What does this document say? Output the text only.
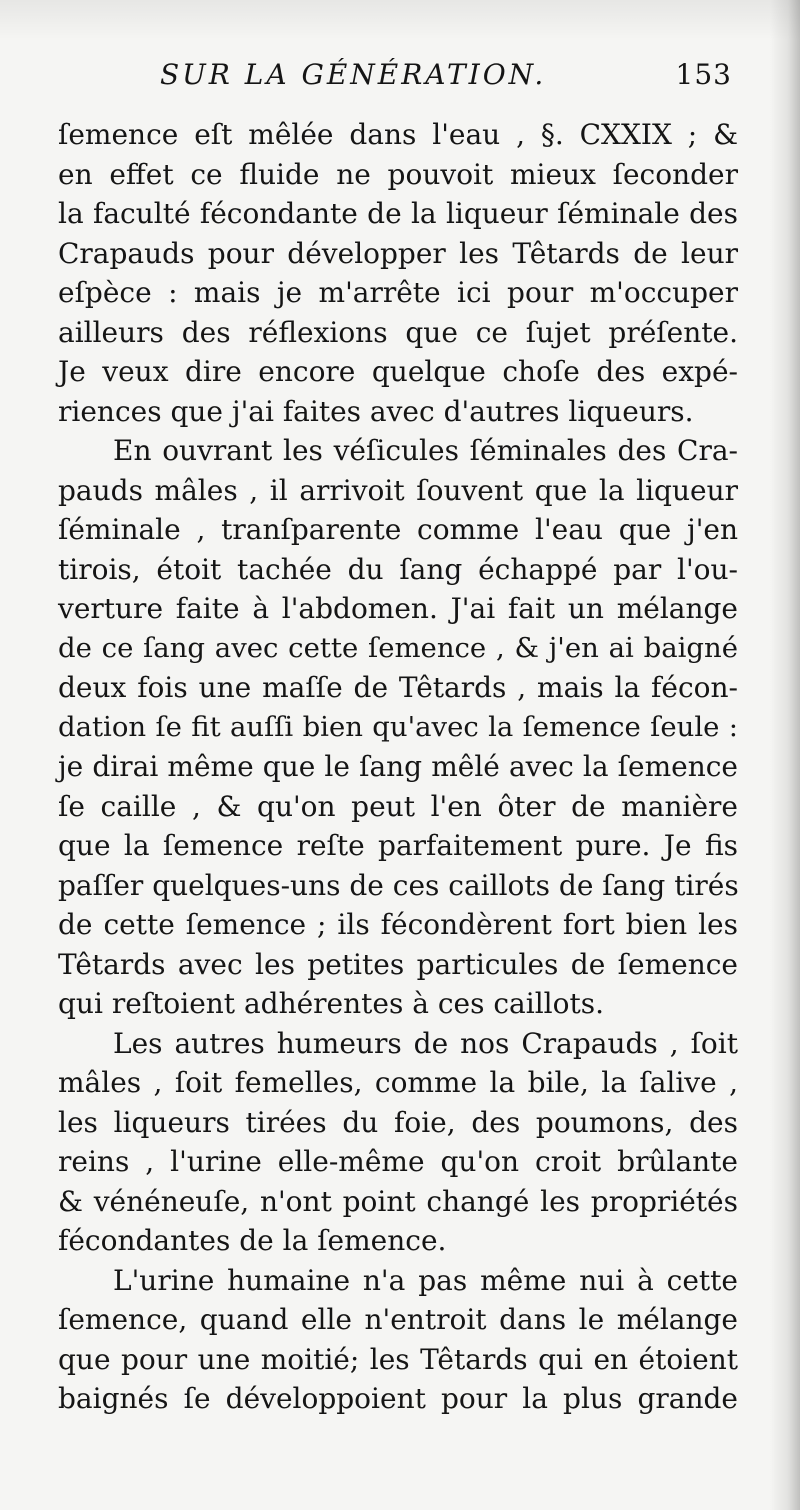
SUR LA GÉNÉRATION.	153
ſemence eſt mêlée dans l'eau , §. CXXIX ; &
en effet ce fluide ne pouvoit mieux ſeconder
la faculté fécondante de la liqueur ſéminale des
Crapauds pour développer les Têtards de leur
eſpèce : mais je m'arrête ici pour m'occuper
ailleurs des réflexions que ce ſujet préſente.
Je veux dire encore quelque choſe des expé-
riences que j'ai faites avec d'autres liqueurs.
En ouvrant les véſicules ſéminales des Cra-
pauds mâles , il arrivoit ſouvent que la liqueur
ſéminale , tranſparente comme l'eau que j'en
tirois, étoit tachée du ſang échappé par l'ou-
verture faite à l'abdomen. J'ai fait un mélange
de ce ſang avec cette ſemence , & j'en ai baigné
deux fois une maſſe de Têtards , mais la fécon-
dation ſe fit auſſi bien qu'avec la ſemence ſeule :
je dirai même que le ſang mêlé avec la ſemence
ſe caille , & qu'on peut l'en ôter de manière
que la ſemence reſte parfaitement pure. Je fis
paſſer quelques-uns de ces caillots de ſang tirés
de cette ſemence ; ils fécondèrent fort bien les
Têtards avec les petites particules de ſemence
qui reſtoient adhérentes à ces caillots.
Les autres humeurs de nos Crapauds , ſoit
mâles , ſoit femelles, comme la bile, la ſalive ,
les liqueurs tirées du foie, des poumons, des
reins , l'urine elle-même qu'on croit brûlante
& vénéneuſe, n'ont point changé les propriétés
fécondantes de la ſemence.
L'urine humaine n'a pas même nui à cette
ſemence, quand elle n'entroit dans le mélange
que pour une moitié; les Têtards qui en étoient
baignés ſe développoient pour la plus grande
